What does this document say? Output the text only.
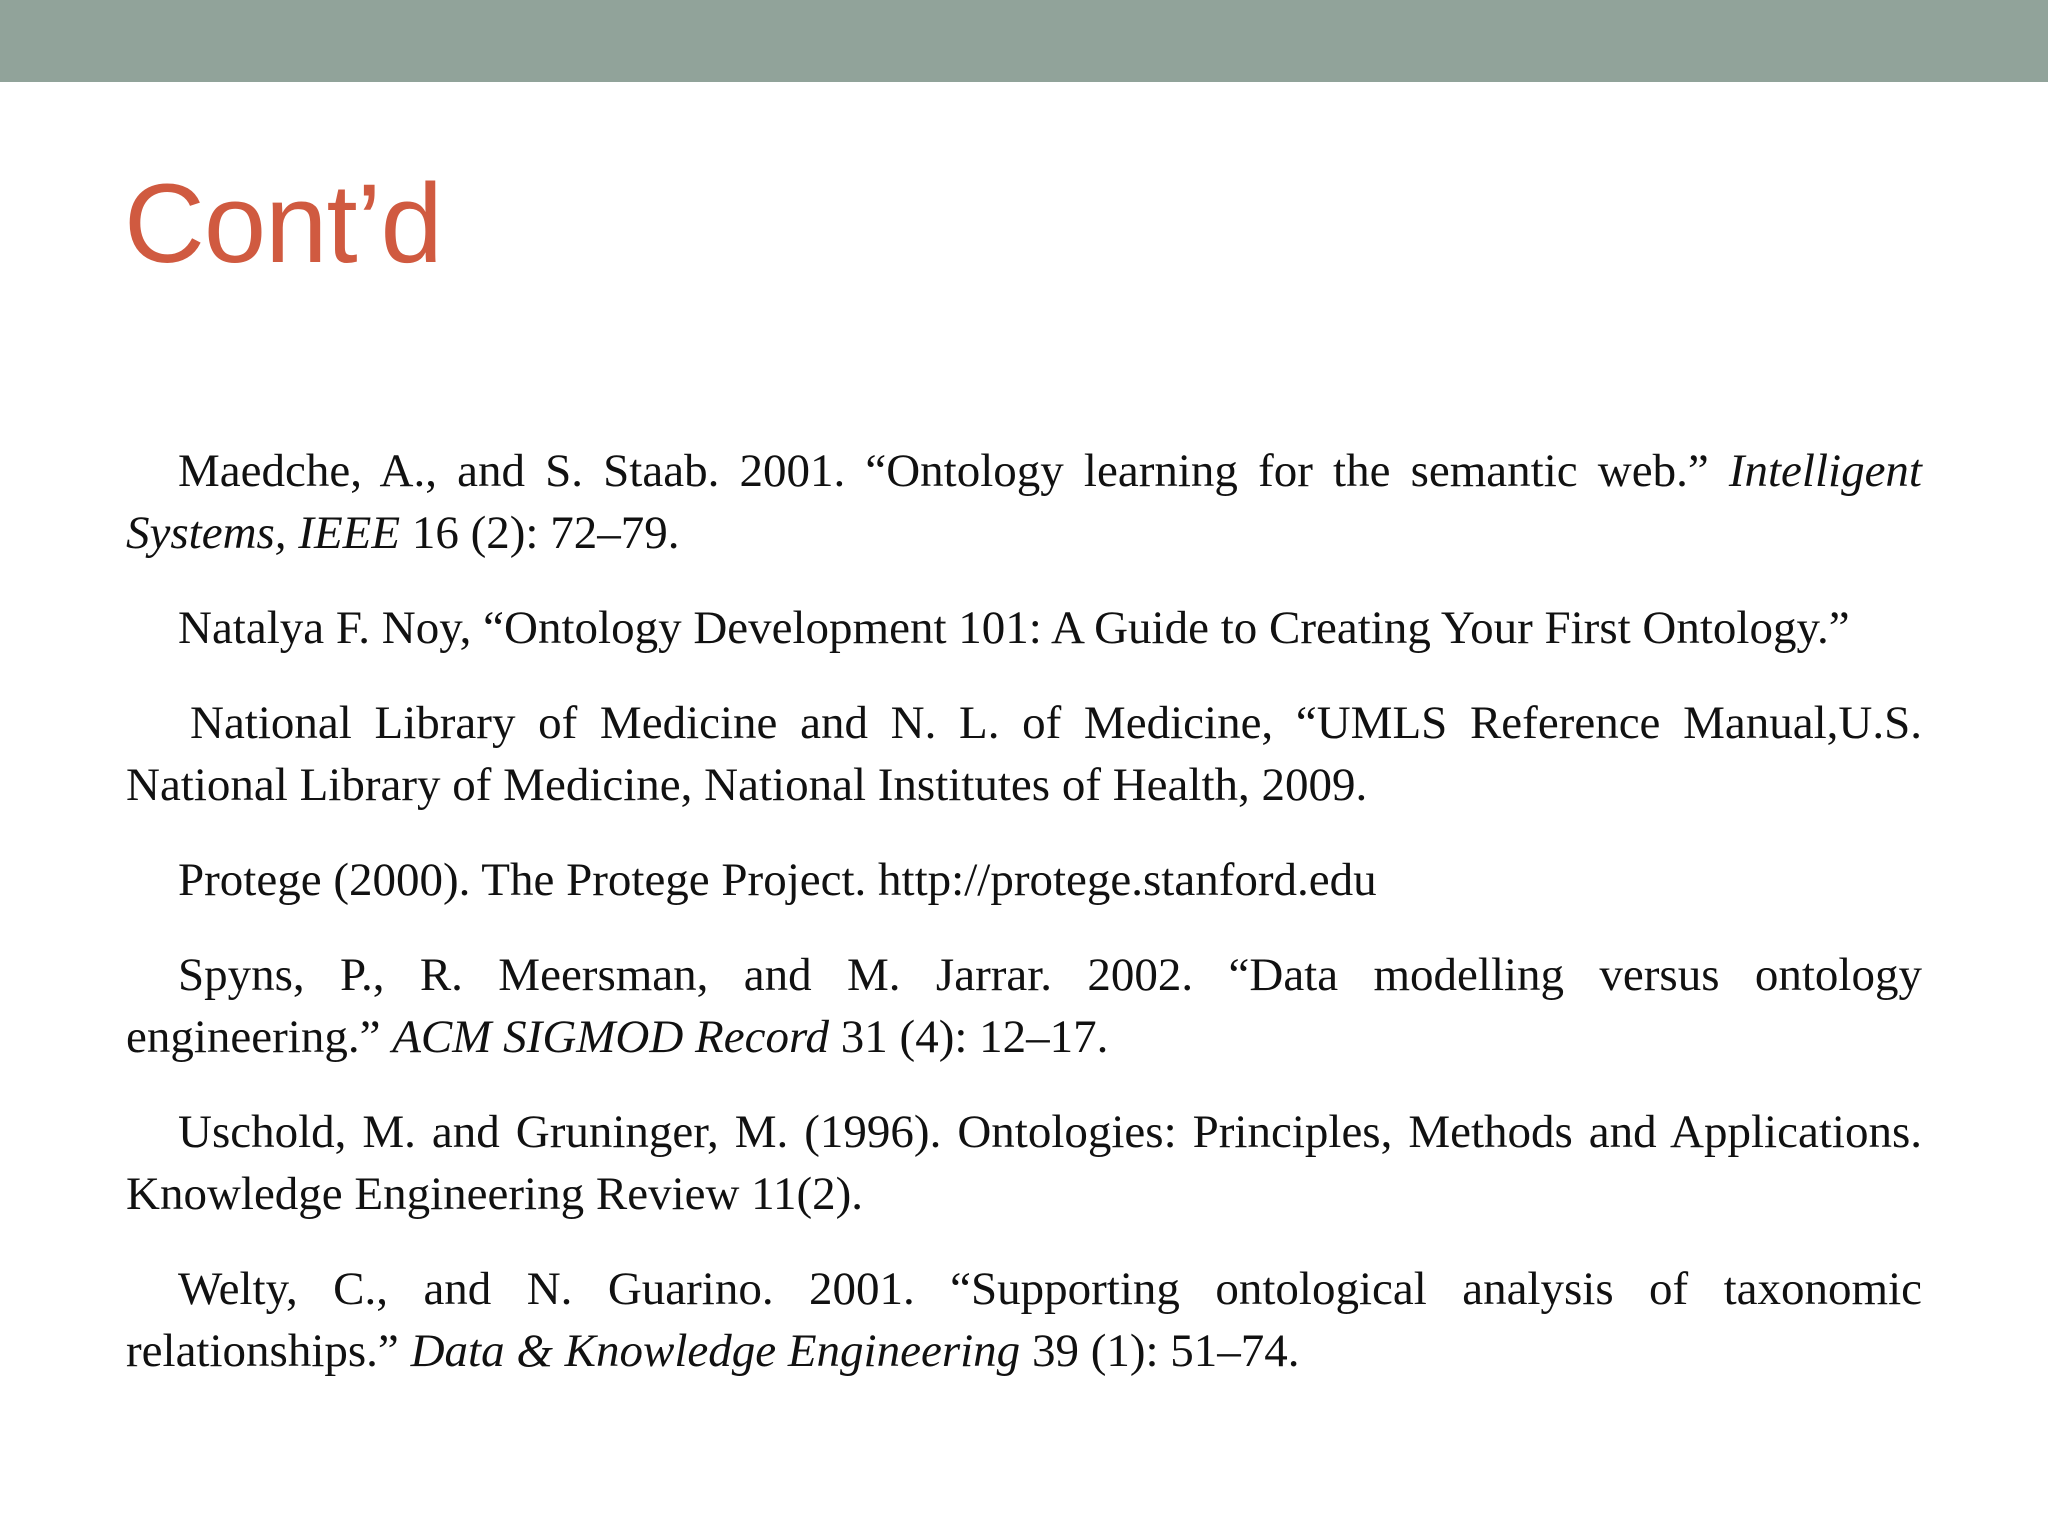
Cont’d

Maedche, A., and S. Staab. 2001. “Ontology learning for the semantic web.” Intelligent Systems, IEEE 16 (2): 72–79.

Natalya F. Noy, “Ontology Development 101: A Guide to Creating Your First Ontology.”

National Library of Medicine and N. L. of Medicine, “UMLS Reference Manual,U.S. National Library of Medicine, National Institutes of Health, 2009.

Protege (2000). The Protege Project. http://protege.stanford.edu

Spyns, P., R. Meersman, and M. Jarrar. 2002. “Data modelling versus ontology engineering.” ACM SIGMOD Record 31 (4): 12–17.

Uschold, M. and Gruninger, M. (1996). Ontologies: Principles, Methods and Applications. Knowledge Engineering Review 11(2).

Welty, C., and N. Guarino. 2001. “Supporting ontological analysis of taxonomic relationships.” Data & Knowledge Engineering 39 (1): 51–74.
